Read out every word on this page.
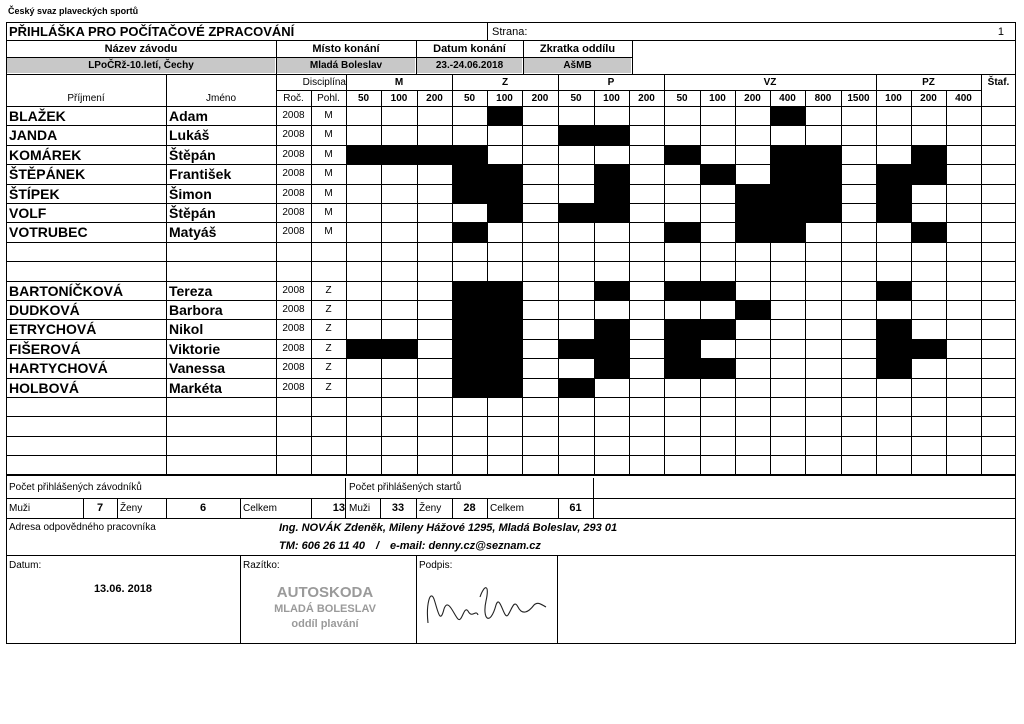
Český svaz plaveckých sportů
PŘIHLÁŠKA PRO POČÍTAČOVÉ ZPRACOVÁNÍ	Strana:	1
Název závodu	Místo konání	Datum konání	Zkratka oddílu
LPoČRž-10.letí, Čechy	Mladá Boleslav	23.-24.06.2018	AšMB
M	Z	P	VZ	PZ
50	100	200	50	100	200	50	100	200	50	100	200	400	800	1500	100	200	400
Disciplína
Příjmení	Jméno	Roč.	Pohl.
Štaf.
BLAŽEK	Adam	2008	M
JANDA	Lukáš	2008	M
KOMÁREK	Štěpán	2008	M
ŠTĚPÁNEK	František	2008	M
ŠTÍPEK	Šimon	2008	M
VOLF	Štěpán	2008	M
VOTRUBEC	Matyáš	2008	M
BARTONÍČKOVÁ	Tereza	2008	Z
DUDKOVÁ	Barbora	2008	Z
ETRYCHOVÁ	Nikol	2008	Z
FIŠEROVÁ	Viktorie	2008	Z
HARTYCHOVÁ	Vanessa	2008	Z
HOLBOVÁ	Markéta	2008	Z
Počet přihlášených závodníků	Počet přihlášených startů
Muži	7	Ženy	6	Celkem	13 Muži	33	Ženy	28	Celkem	61
Adresa odpovědného pracovníka	Ing. NOVÁK Zdeněk, Mileny Hážové 1295, Mladá Boleslav, 293 01
TM: 606 26 11 40 / e-mail: denny.cz@seznam.cz
Datum:
13.06. 2018
Razítko:
AUTOSKODA
MLADÁ BOLESLAV
oddíl plavání
Podpis:
